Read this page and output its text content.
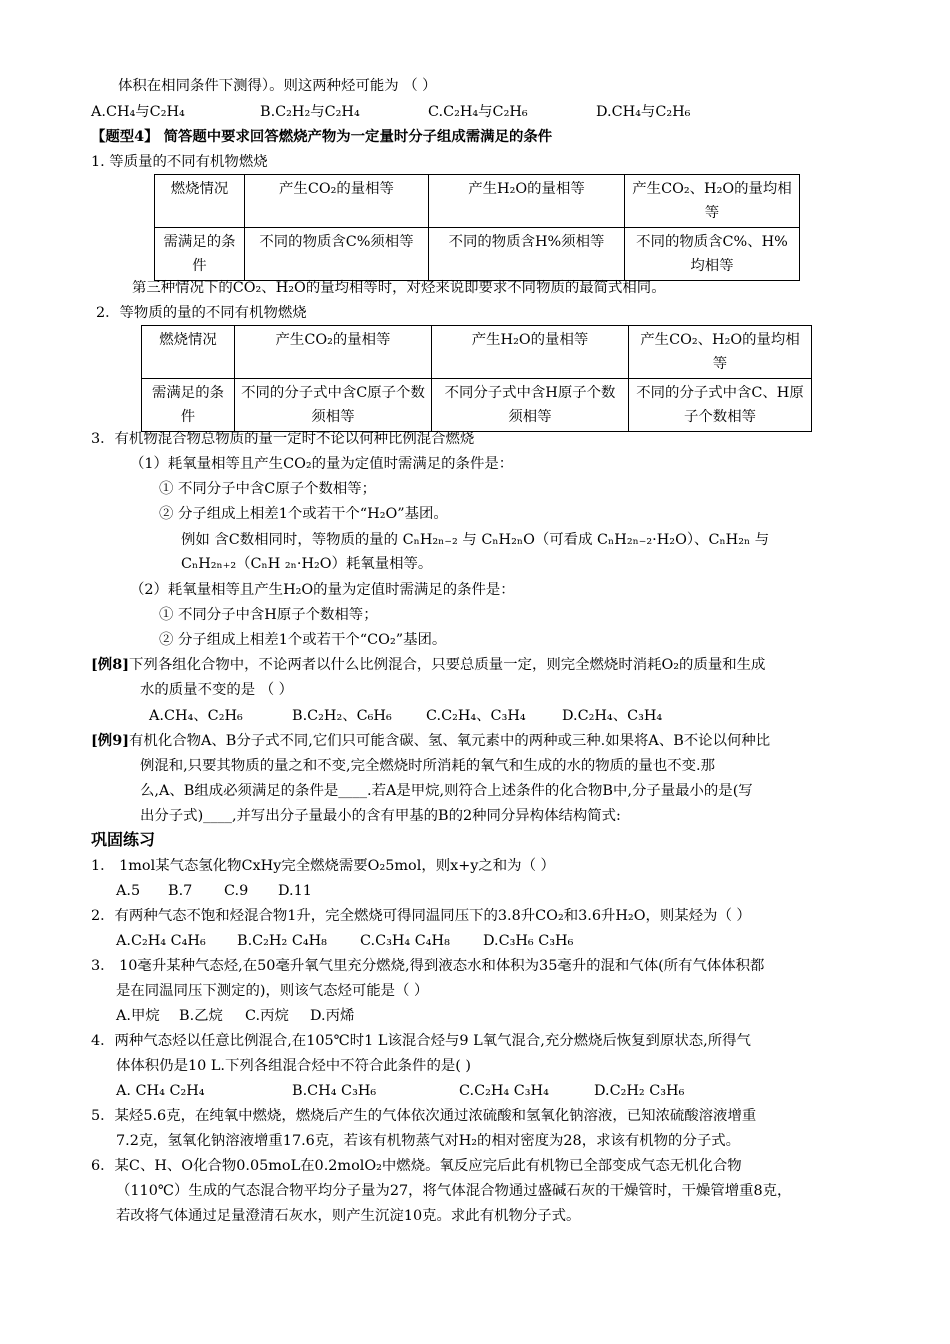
体积在相同条件下测得）。则这两种烃可能为 （ ）
A.CH₄与C₂H₄	B.C₂H₂与C₂H₄	C.C₂H₄与C₂H₆	D.CH₄与C₂H₆
【题型4】 简答题中要求回答燃烧产物为一定量时分子组成需满足的条件
1. 等质量的不同有机物燃烧
燃烧情况	产生CO₂的量相等	产生H₂O的量相等	产生CO₂、H₂O的量均相等
需满足的条件	不同的物质含C%须相等	不同的物质含H%须相等	不同的物质含C%、H%均相等
第三种情况下的CO₂、H₂O的量均相等时，对烃来说即要求不同物质的最简式相同。
2．等物质的量的不同有机物燃烧
燃烧情况	产生CO₂的量相等	产生H₂O的量相等	产生CO₂、H₂O的量均相等
需满足的条件	不同的分子式中含C原子个数须相等	不同分子式中含H原子个数须相等	不同的分子式中含C、H原子个数相等
3．有机物混合物总物质的量一定时不论以何种比例混合燃烧
（1）耗氧量相等且产生CO₂的量为定值时需满足的条件是：
① 不同分子中含C原子个数相等；
② 分子组成上相差1个或若干个“H₂O”基团。
例如 含C数相同时，等物质的量的 CₙH₂ₙ₋₂ 与 CₙH₂ₙO（可看成 CₙH₂ₙ₋₂·H₂O）、CₙH₂ₙ 与
CₙH₂ₙ₊₂（CₙH ₂ₙ·H₂O）耗氧量相等。
（2）耗氧量相等且产生H₂O的量为定值时需满足的条件是：
① 不同分子中含H原子个数相等；
② 分子组成上相差1个或若干个“CO₂”基团。
[例8]下列各组化合物中，不论两者以什么比例混合，只要总质量一定，则完全燃烧时消耗O₂的质量和生成
水的质量不变的是 （ ）
A.CH₄、C₂H₆	B.C₂H₂、C₆H₆ C.C₂H₄、C₃H₄	D.C₂H₄、C₃H₄
[例9]有机化合物A、B分子式不同,它们只可能含碳、氢、氧元素中的两种或三种.如果将A、B不论以何种比
例混和,只要其物质的量之和不变,完全燃烧时所消耗的氧气和生成的水的物质的量也不变.那
么,A、B组成必须满足的条件是____.若A是甲烷,则符合上述条件的化合物B中,分子量最小的是(写
出分子式)____,并写出分子量最小的含有甲基的B的2种同分异构体结构简式:
巩固练习
1． 1mol某气态氢化物CxHy完全燃烧需要O₂5mol，则x+y之和为（ ）
A.5 B.7 C.9 D.11
2．有两种气态不饱和烃混合物1升，完全燃烧可得同温同压下的3.8升CO₂和3.6升H₂O，则某烃为（ ）
A.C₂H₄ C₄H₆ B.C₂H₂ C₄H₈ C.C₃H₄ C₄H₈ D.C₃H₆ C₃H₆
3． 10毫升某种气态烃,在50毫升氧气里充分燃烧,得到液态水和体积为35毫升的混和气体(所有气体体积都
是在同温同压下测定的)，则该气态烃可能是（ ）
A.甲烷 B.乙烷 C.丙烷 D.丙烯
4．两种气态烃以任意比例混合,在105℃时1 L该混合烃与9 L氧气混合,充分燃烧后恢复到原状态,所得气
体体积仍是10 L.下列各组混合烃中不符合此条件的是( )
A. CH₄ C₂H₄	B.CH₄ C₃H₆	C.C₂H₄ C₃H₄	D.C₂H₂ C₃H₆
5．某烃5.6克，在纯氧中燃烧，燃烧后产生的气体依次通过浓硫酸和氢氧化钠溶液，已知浓硫酸溶液增重
7.2克，氢氧化钠溶液增重17.6克，若该有机物蒸气对H₂的相对密度为28，求该有机物的分子式。
6．某C、H、O化合物0.05moL在0.2molO₂中燃烧。氧反应完后此有机物已全部变成气态无机化合物
（110℃）生成的气态混合物平均分子量为27，将气体混合物通过盛碱石灰的干燥管时，干燥管增重8克，
若改将气体通过足量澄清石灰水，则产生沉淀10克。求此有机物分子式。
